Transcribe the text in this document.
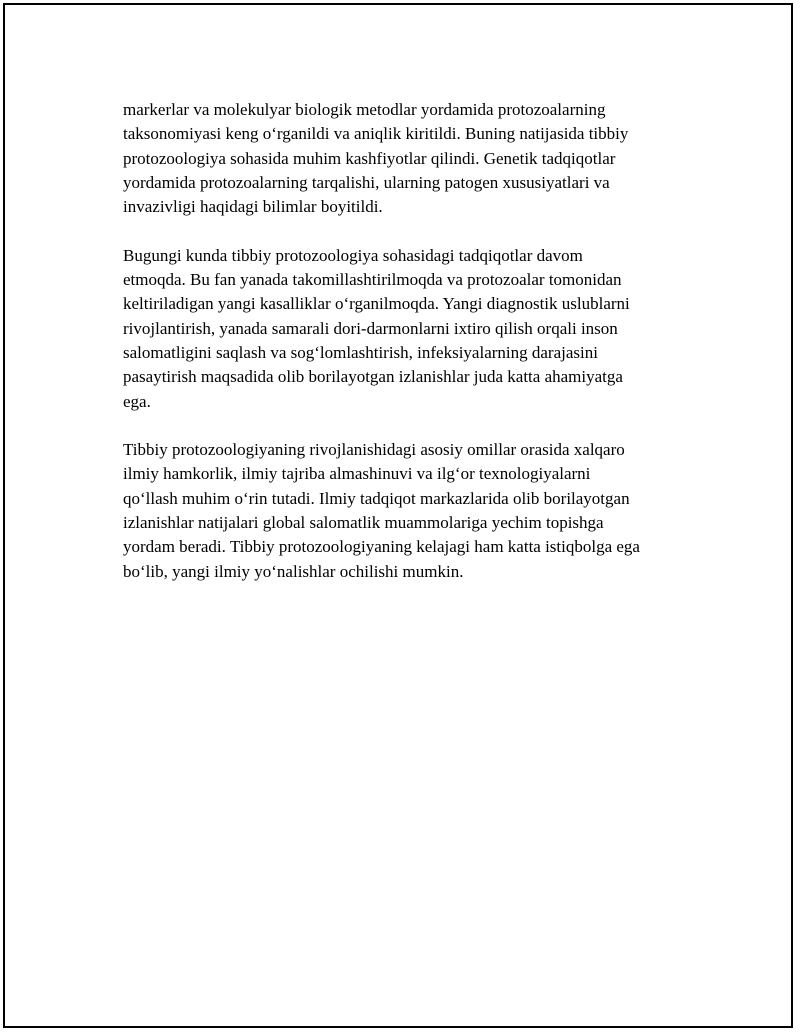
markerlar va molekulyar biologik metodlar yordamida protozoalarning
taksonomiyasi keng o‘rganildi va aniqlik kiritildi. Buning natijasida tibbiy
protozoologiya sohasida muhim kashfiyotlar qilindi. Genetik tadqiqotlar
yordamida protozoalarning tarqalishi, ularning patogen xususiyatlari va
invazivligi haqidagi bilimlar boyitildi.

Bugungi kunda tibbiy protozoologiya sohasidagi tadqiqotlar davom
etmoqda. Bu fan yanada takomillashtirilmoqda va protozoalar tomonidan
keltiriladigan yangi kasalliklar o‘rganilmoqda. Yangi diagnostik uslublarni
rivojlantirish, yanada samarali dori-darmonlarni ixtiro qilish orqali inson
salomatligini saqlash va sog‘lomlashtirish, infeksiyalarning darajasini
pasaytirish maqsadida olib borilayotgan izlanishlar juda katta ahamiyatga
ega.

Tibbiy protozoologiyaning rivojlanishidagi asosiy omillar orasida xalqaro
ilmiy hamkorlik, ilmiy tajriba almashinuvi va ilg‘or texnologiyalarni
qo‘llash muhim o‘rin tutadi. Ilmiy tadqiqot markazlarida olib borilayotgan
izlanishlar natijalari global salomatlik muammolariga yechim topishga
yordam beradi. Tibbiy protozoologiyaning kelajagi ham katta istiqbolga ega
bo‘lib, yangi ilmiy yo‘nalishlar ochilishi mumkin.
